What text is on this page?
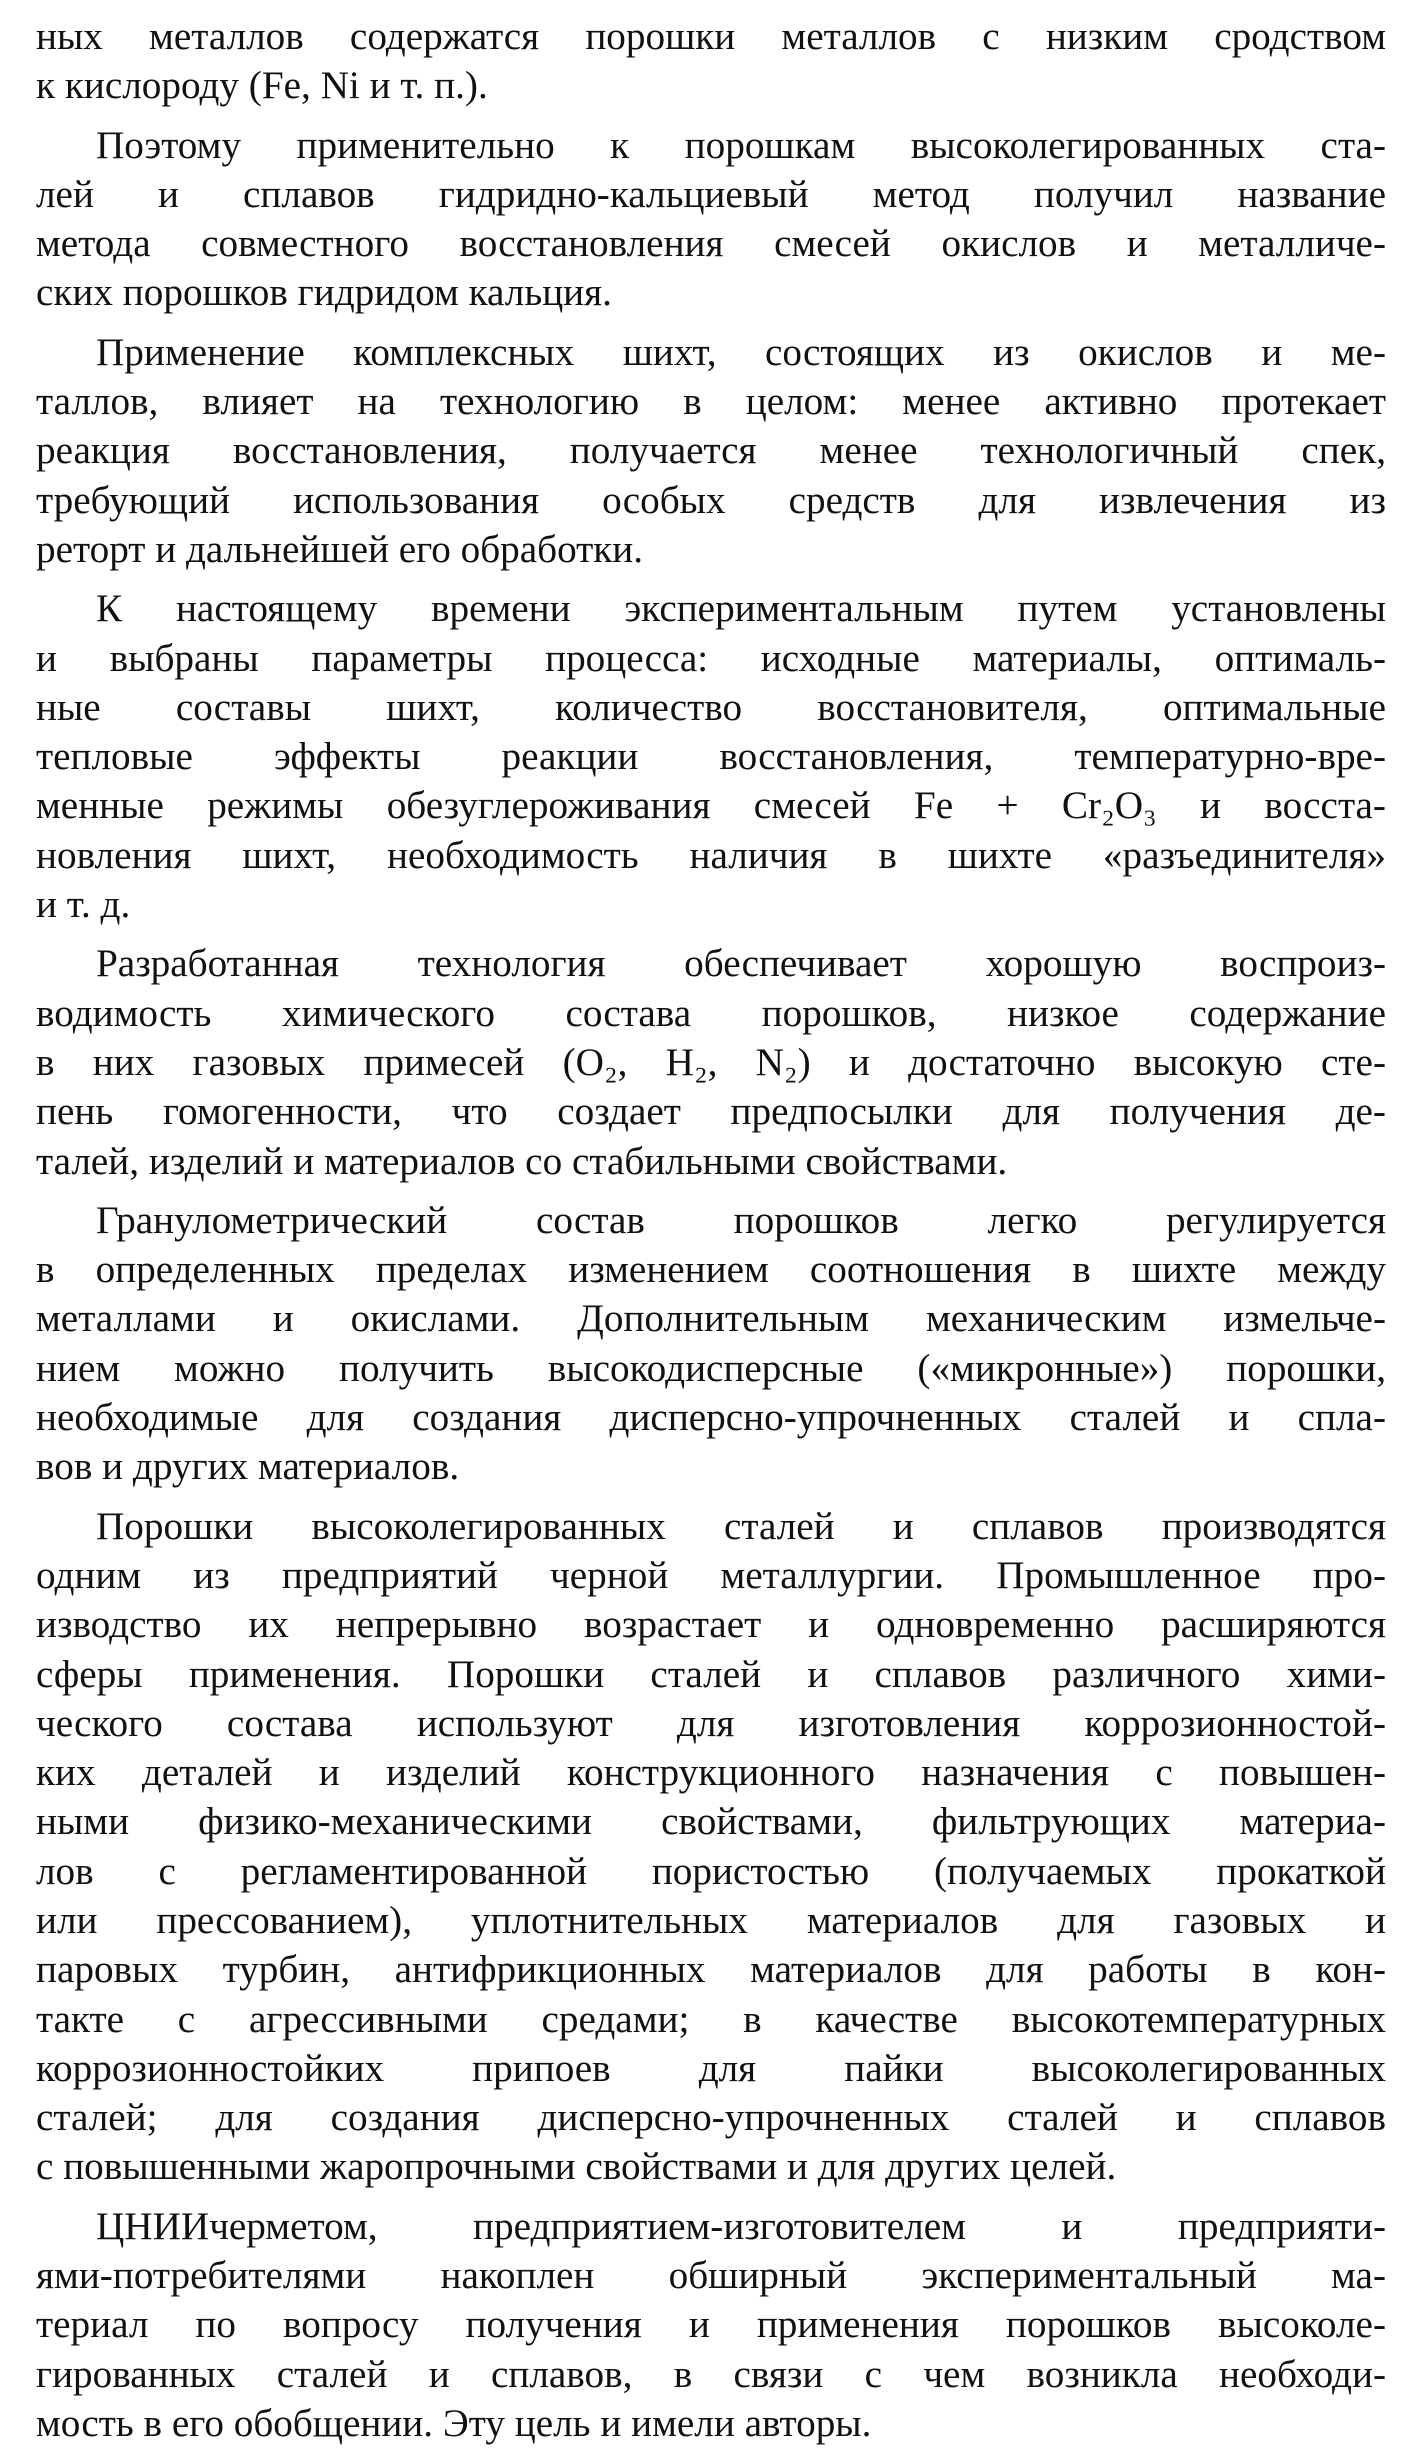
ных металлов содержатся порошки металлов с низким сродством
к кислороду (Fe, Ni и т. п.).
Поэтому применительно к порошкам высоколегированных ста-
лей и сплавов гидридно-кальциевый метод получил название
метода совместного восстановления смесей окислов и металличе-
ских порошков гидридом кальция.
Применение комплексных шихт, состоящих из окислов и ме-
таллов, влияет на технологию в целом: менее активно протекает
реакция восстановления, получается менее технологичный спек,
требующий использования особых средств для извлечения из
реторт и дальнейшей его обработки.
К настоящему времени экспериментальным путем установлены
и выбраны параметры процесса: исходные материалы, оптималь-
ные составы шихт, количество восстановителя, оптимальные
тепловые эффекты реакции восстановления, температурно-вре-
менные режимы обезуглероживания смесей Fe + Cr₂O₃ и восста-
новления шихт, необходимость наличия в шихте «разъединителя»
и т. д.
Разработанная технология обеспечивает хорошую воспроиз-
водимость химического состава порошков, низкое содержание
в них газовых примесей (O₂, H₂, N₂) и достаточно высокую сте-
пень гомогенности, что создает предпосылки для получения де-
талей, изделий и материалов со стабильными свойствами.
Гранулометрический состав порошков легко регулируется
в определенных пределах изменением соотношения в шихте между
металлами и окислами. Дополнительным механическим измельче-
нием можно получить высокодисперсные («микронные») порошки,
необходимые для создания дисперсно-упрочненных сталей и спла-
вов и других материалов.
Порошки высоколегированных сталей и сплавов производятся
одним из предприятий черной металлургии. Промышленное про-
изводство их непрерывно возрастает и одновременно расширяются
сферы применения. Порошки сталей и сплавов различного хими-
ческого состава используют для изготовления коррозионностой-
ких деталей и изделий конструкционного назначения с повышен-
ными физико-механическими свойствами, фильтрующих материа-
лов с регламентированной пористостью (получаемых прокаткой
или прессованием), уплотнительных материалов для газовых и
паровых турбин, антифрикционных материалов для работы в кон-
такте с агрессивными средами; в качестве высокотемпературных
коррозионностойких припоев для пайки высоколегированных
сталей; для создания дисперсно-упрочненных сталей и сплавов
с повышенными жаропрочными свойствами и для других целей.
ЦНИИчерметом, предприятием-изготовителем и предприяти-
ями-потребителями накоплен обширный экспериментальный ма-
териал по вопросу получения и применения порошков высоколе-
гированных сталей и сплавов, в связи с чем возникла необходи-
мость в его обобщении. Эту цель и имели авторы.
